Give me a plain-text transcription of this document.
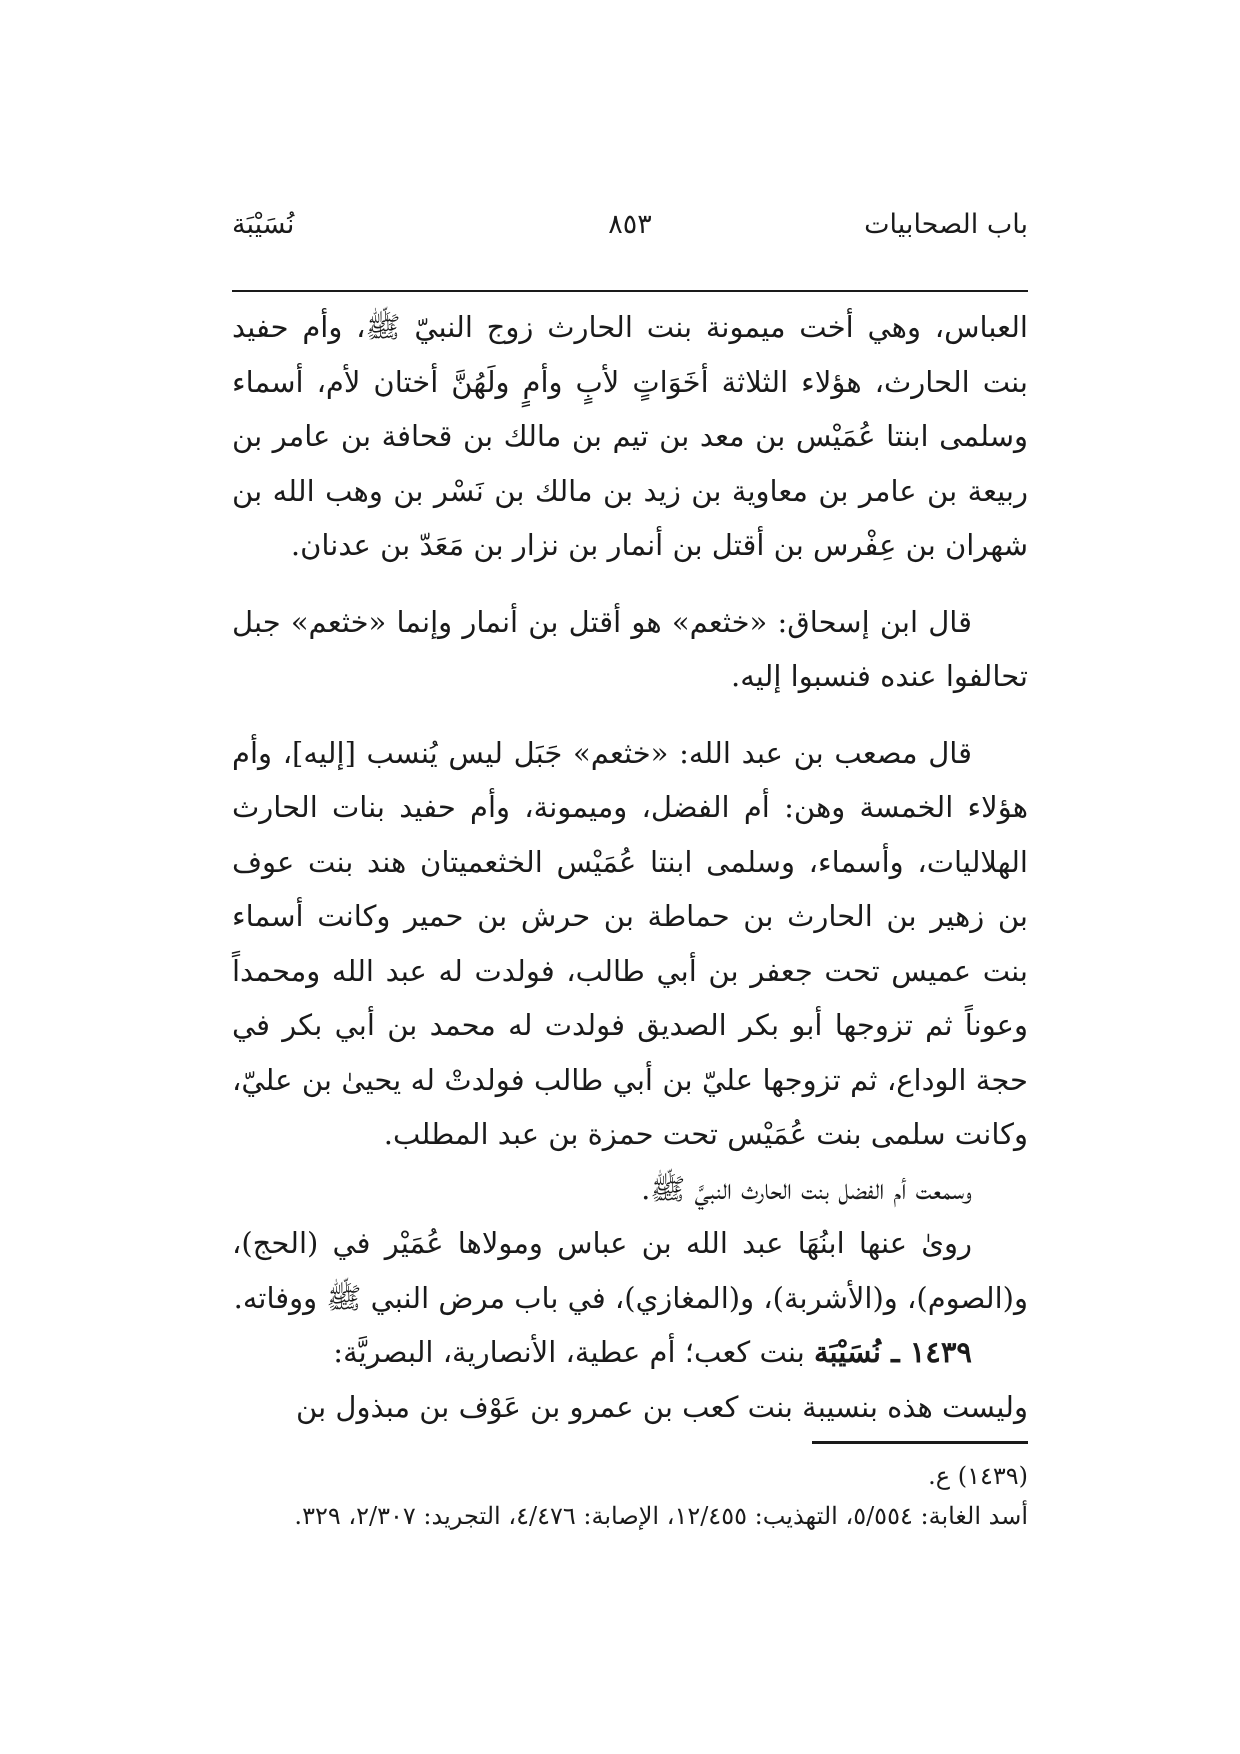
باب الصحابيات
٨٥٣
نُسَيْبَة

العباس، وهي أخت ميمونة بنت الحارث زوج النبيّ ﷺ، وأم حفيد بنت الحارث، هؤلاء الثلاثة أخَوَاتٍ لأبٍ وأمٍ ولَهُنَّ أختان لأم، أسماء وسلمى ابنتا عُمَيْس بن معد بن تيم بن مالك بن قحافة بن عامر بن ربيعة بن عامر بن معاوية بن زيد بن مالك بن نَسْر بن وهب الله بن شهران بن عِفْرس بن أقتل بن أنمار بن نزار بن مَعَدّ بن عدنان.

قال ابن إسحاق: «خثعم» هو أقتل بن أنمار وإنما «خثعم» جبل تحالفوا عنده فنسبوا إليه.

قال مصعب بن عبد الله: «خثعم» جَبَل ليس يُنسب [إليه]، وأم هؤلاء الخمسة وهن: أم الفضل، وميمونة، وأم حفيد بنات الحارث الهلاليات، وأسماء، وسلمى ابنتا عُمَيْس الخثعميتان هند بنت عوف بن زهير بن الحارث بن حماطة بن حرش بن حمير وكانت أسماء بنت عميس تحت جعفر بن أبي طالب، فولدت له عبد الله ومحمداً وعوناً ثم تزوجها أبو بكر الصديق فولدت له محمد بن أبي بكر في حجة الوداع، ثم تزوجها عليّ بن أبي طالب فولدتْ له يحيىٰ بن عليّ، وكانت سلمى بنت عُمَيْس تحت حمزة بن عبد المطلب.

وسمعت أم الفضل بنت الحارث النبيَّ ﷺ.

روىٰ عنها ابنُهَا عبد الله بن عباس ومولاها عُمَيْر في (الحج)، و(الصوم)، و(الأشربة)، و(المغازي)، في باب مرض النبي ﷺ ووفاته.

١٤٣٩ ـ نُسَيْبَة بنت كعب؛ أم عطية، الأنصارية، البصريَّة:

وليست هذه بنسيبة بنت كعب بن عمرو بن عَوْف بن مبذول بن

(١٤٣٩) ع.

أسد الغابة: ٥/٥٥٤، التهذيب: ١٢/٤٥٥، الإصابة: ٤/٤٧٦، التجريد: ٢/٣٠٧، ٣٢٩.
